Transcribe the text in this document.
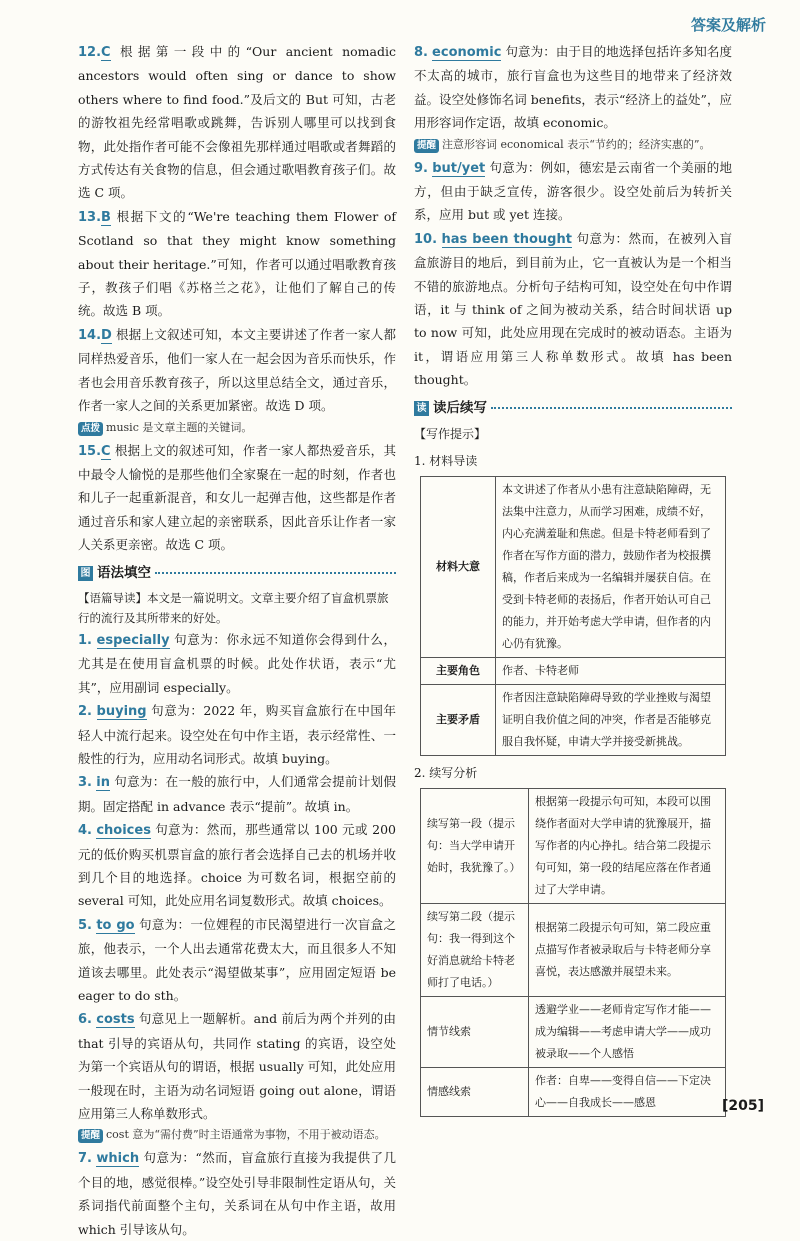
答案及解析

12.C 根据第一段中的“Our ancient nomadic ancestors would often sing or dance to show others where to find food.”及后文的 But 可知，古老的游牧祖先经常唱歌或跳舞，告诉别人哪里可以找到食物，此处指作者可能不会像祖先那样通过唱歌或者舞蹈的方式传达有关食物的信息，但会通过歌唱教育孩子们。故选 C 项。

13.B 根据下文的“We're teaching them Flower of Scotland so that they might know something about their heritage.”可知，作者可以通过唱歌教育孩子，教孩子们唱《苏格兰之花》，让他们了解自己的传统。故选 B 项。

14.D 根据上文叙述可知，本文主要讲述了作者一家人都同样热爱音乐，他们一家人在一起会因为音乐而快乐，作者也会用音乐教育孩子，所以这里总结全文，通过音乐，作者一家人之间的关系更加紧密。故选 D 项。

点拨 music 是文章主题的关键词。

15.C 根据上文的叙述可知，作者一家人都热爱音乐，其中最令人愉悦的是那些他们全家聚在一起的时刻，作者也和儿子一起重新混音，和女儿一起弹吉他，这些都是作者通过音乐和家人建立起的亲密联系，因此音乐让作者一家人关系更亲密。故选 C 项。

图 语法填空

【语篇导读】本文是一篇说明文。文章主要介绍了盲盒机票旅行的流行及其所带来的好处。

1. especially 句意为：你永远不知道你会得到什么，尤其是在使用盲盒机票的时候。此处作状语，表示“尤其”，应用副词 especially。

2. buying 句意为：2022 年，购买盲盒旅行在中国年轻人中流行起来。设空处在句中作主语，表示经常性、一般性的行为，应用动名词形式。故填 buying。

3. in 句意为：在一般的旅行中，人们通常会提前计划假期。固定搭配 in advance 表示“提前”。故填 in。

4. choices 句意为：然而，那些通常以 100 元或 200 元的低价购买机票盲盒的旅行者会选择自己去的机场并收到几个目的地选择。choice 为可数名词，根据空前的 several 可知，此处应用名词复数形式。故填 choices。

5. to go 句意为：一位娌程的市民渴望进行一次盲盒之旅，他表示，一个人出去通常花费太大，而且很多人不知道该去哪里。此处表示“渴望做某事”，应用固定短语 be eager to do sth。

6. costs 句意见上一题解析。and 前后为两个并列的由 that 引导的宾语从句，共同作 stating 的宾语，设空处为第一个宾语从句的谓语，根据 usually 可知，此处应用一般现在时，主语为动名词短语 going out alone，谓语应用第三人称单数形式。

提醒 cost 意为“需付费”时主语通常为事物，不用于被动语态。

7. which 句意为：“然而，盲盒旅行直接为我提供了几个目的地，感觉很棒。”设空处引导非限制性定语从句，关系词指代前面整个主句，关系词在从句中作主语，故用 which 引导该从句。

8. economic 句意为：由于目的地选择包括许多知名度不太高的城市，旅行盲盒也为这些目的地带来了经济效益。设空处修饰名词 benefits，表示“经济上的益处”，应用形容词作定语，故填 economic。

提醒 注意形容词 economical 表示“节约的；经济实惠的”。

9. but/yet 句意为：例如，德宏是云南省一个美丽的地方，但由于缺乏宣传，游客很少。设空处前后为转折关系，应用 but 或 yet 连接。

10. has been thought 句意为：然而，在被列入盲盒旅游目的地后，到目前为止，它一直被认为是一个相当不错的旅游地点。分析句子结构可知，设空处在句中作谓语，it 与 think of 之间为被动关系，结合时间状语 up to now 可知，此处应用现在完成时的被动语态。主语为 it，谓语应用第三人称单数形式。故填 has been thought。

读 读后续写

【写作提示】

1. 材料导读

材料大意	本文讲述了作者从小患有注意缺陷障碍，无法集中注意力，从而学习困难，成绩不好，内心充满羞耻和焦虑。但是卡特老师看到了作者在写作方面的潜力，鼓励作者为校报撰稿，作者后来成为一名编辑并屡获自信。在受到卡特老师的表扬后，作者开始认可自己的能力，并开始考虑大学申请，但作者的内心仍有犹豫。
主要角色	作者、卡特老师
主要矛盾	作者因注意缺陷障碍导致的学业挫败与渴望证明自我价值之间的冲突，作者是否能够克服自我怀疑，申请大学并接受新挑战。

2. 续写分析

续写第一段（提示句：当大学申请开始时，我犹豫了。）	根据第一段提示句可知，本段可以围绕作者面对大学申请的犹豫展开，描写作者的内心挣扎。结合第二段提示句可知，第一段的结尾应落在作者通过了大学申请。
续写第二段（提示句：我一得到这个好消息就给卡特老师打了电话。）	根据第二段提示句可知，第二段应重点描写作者被录取后与卡特老师分享喜悦，表达感激并展望未来。
情节线索	透避学业——老师肯定写作才能——成为编辑——考虑申请大学——成功被录取——个人感悟
情感线索	作者：自卑——变得自信——下定决心——自我成长——感恩	[205]
